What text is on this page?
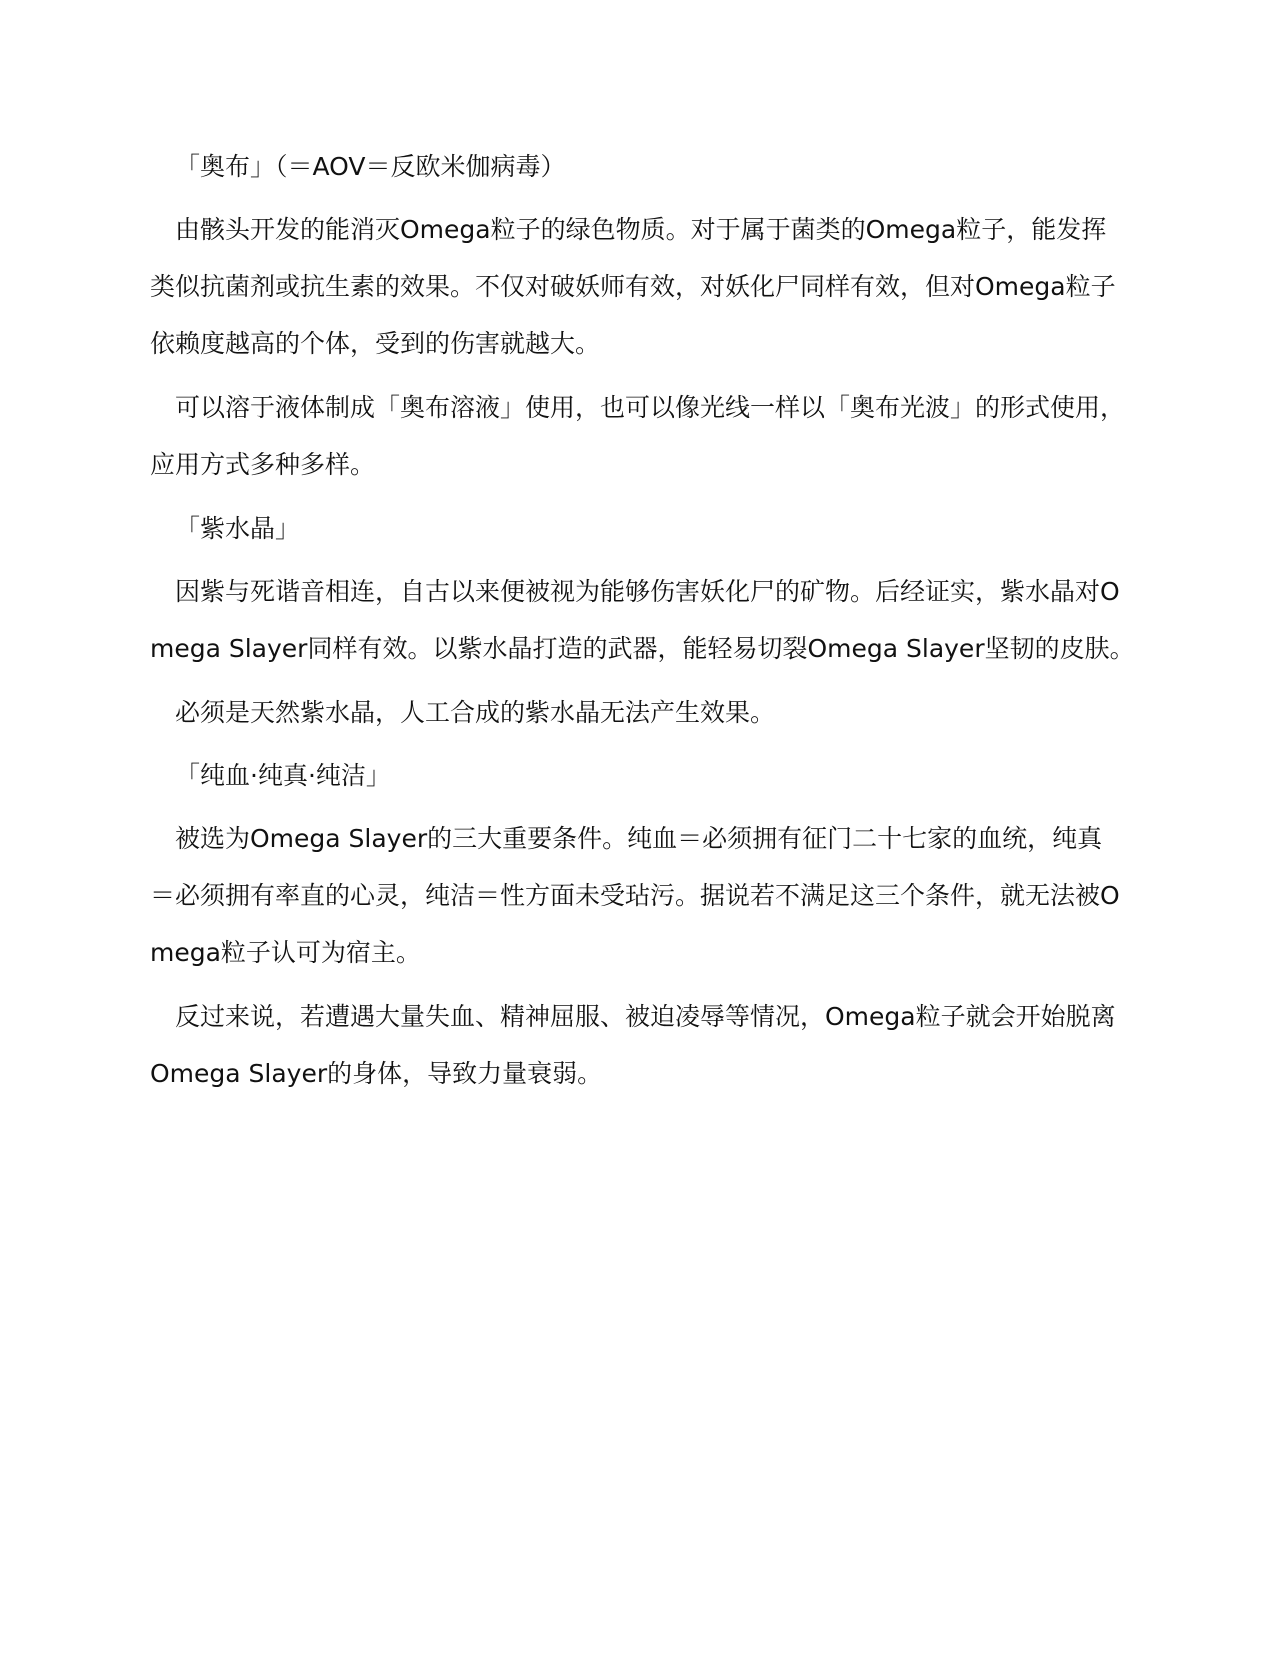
「奥布」（＝AOV＝反欧米伽病毒）
由骸头开发的能消灭Omega粒子的绿色物质。对于属于菌类的Omega粒子，能发挥
类似抗菌剂或抗生素的效果。不仅对破妖师有效，对妖化尸同样有效，但对Omega粒子
依赖度越高的个体，受到的伤害就越大。
可以溶于液体制成「奥布溶液」使用，也可以像光线一样以「奥布光波」的形式使用，
应用方式多种多样。
「紫水晶」
因紫与死谐音相连，自古以来便被视为能够伤害妖化尸的矿物。后经证实，紫水晶对O
mega Slayer同样有效。以紫水晶打造的武器，能轻易切裂Omega Slayer坚韧的皮肤。
必须是天然紫水晶，人工合成的紫水晶无法产生效果。
「纯血·纯真·纯洁」
被选为Omega Slayer的三大重要条件。纯血＝必须拥有征门二十七家的血统，纯真
＝必须拥有率直的心灵，纯洁＝性方面未受玷污。据说若不满足这三个条件，就无法被O
mega粒子认可为宿主。
反过来说，若遭遇大量失血、精神屈服、被迫凌辱等情况，Omega粒子就会开始脱离
Omega Slayer的身体，导致力量衰弱。
